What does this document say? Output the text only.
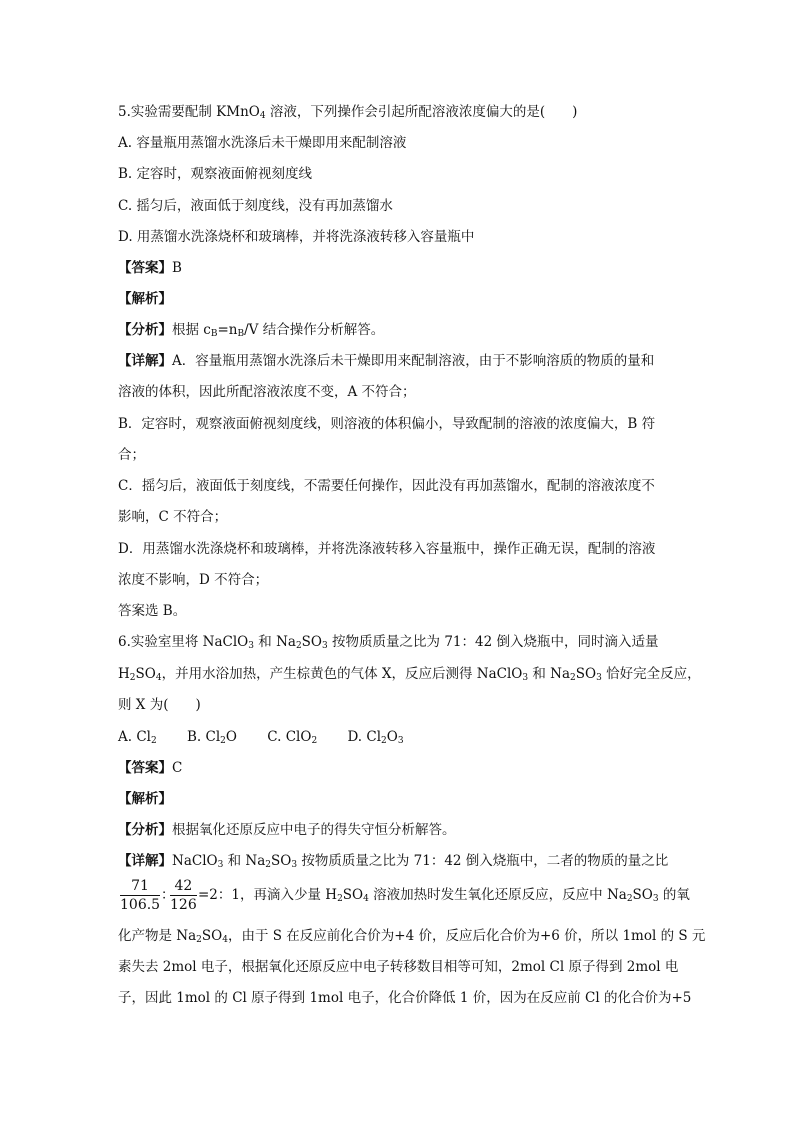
5.实验需要配制 KMnO$_4$ 溶液，下列操作会引起所配溶液浓度偏大的是(　　)
A. 容量瓶用蒸馏水洗涤后未干燥即用来配制溶液
B. 定容时，观察液面俯视刻度线
C. 摇匀后，液面低于刻度线，没有再加蒸馏水
D. 用蒸馏水洗涤烧杯和玻璃棒，并将洗涤液转移入容量瓶中
【答案】B
【解析】
【分析】根据 $c_B=n_B/V$ 结合操作分析解答。
【详解】A．容量瓶用蒸馏水洗涤后未干燥即用来配制溶液，由于不影响溶质的物质的量和
溶液的体积，因此所配溶液浓度不变，A 不符合；
B．定容时，观察液面俯视刻度线，则溶液的体积偏小，导致配制的溶液的浓度偏大，B 符
合；
C．摇匀后，液面低于刻度线，不需要任何操作，因此没有再加蒸馏水，配制的溶液浓度不
影响，C 不符合；
D．用蒸馏水洗涤烧杯和玻璃棒，并将洗涤液转移入容量瓶中，操作正确无误，配制的溶液
浓度不影响，D 不符合；
答案选 B。
6.实验室里将 NaClO$_3$ 和 $Na_2SO_3$ 按物质质量之比为 71：42 倒入烧瓶中，同时滴入适量
$H_2SO_4$，并用水浴加热，产生棕黄色的气体 X，反应后测得 NaClO$_3$ 和 $Na_2SO_3$ 恰好完全反应，
则 X 为(　　)
A. $Cl_2$ B. $Cl_2O$ C. ClO$_2$ D. $Cl_2O_3$
【答案】C
【解析】
【分析】根据氧化还原反应中电子的得失守恒分析解答。
【详解】NaClO$_3$ 和 $Na_2SO_3$ 按物质质量之比为 71：42 倒入烧瓶中，二者的物质的量之比
$\frac{71}{106.5}$ ：
$\frac{42}{126} =2$：1，再滴入少量 $H_2SO_4$ 溶液加热时发生氧化还原反应，反应中 $Na_2SO_3$ 的氧
化产物是 $Na_2SO_4$，由于 S 在反应前化合价为+4 价，反应后化合价为+6 价，所以 1mol 的 S 元
素失去 2mol 电子，根据氧化还原反应中电子转移数目相等可知，2mol Cl 原子得到 2mol 电
子，因此 1mol 的 Cl 原子得到 1mol 电子，化合价降低 1 价，因为在反应前 Cl 的化合价为+5
